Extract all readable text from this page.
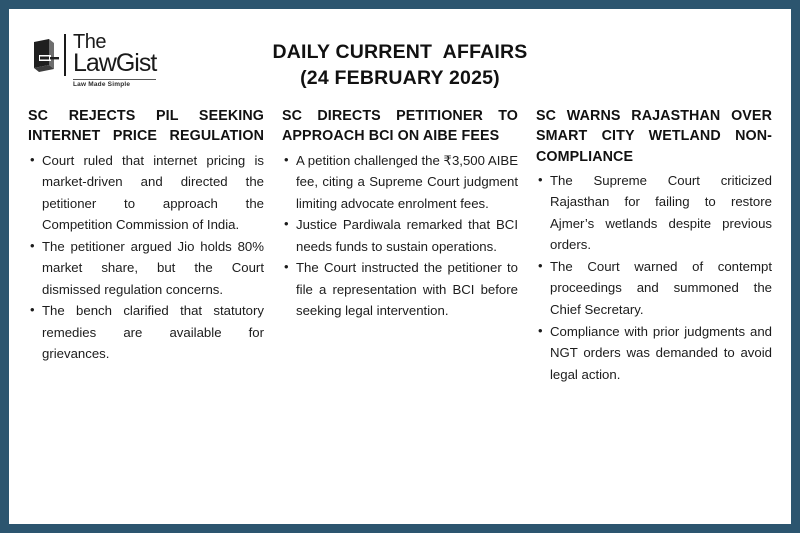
The
LawGist
Law Made Simple
DAILY CURRENT  AFFAIRS
(24 FEBRUARY 2025)
SC REJECTS PIL SEEKING INTERNET PRICE REGULATION
• Court ruled that internet pricing is market-driven and directed the petitioner to approach the Competition Commission of India.
• The petitioner argued Jio holds 80% market share, but the Court dismissed regulation concerns.
• The bench clarified that statutory remedies are available for grievances.
SC DIRECTS PETITIONER TO APPROACH BCI ON AIBE FEES
• A petition challenged the ₹3,500 AIBE fee, citing a Supreme Court judgment limiting advocate enrolment fees.
• Justice Pardiwala remarked that BCI needs funds to sustain operations.
• The Court instructed the petitioner to file a representation with BCI before seeking legal intervention.
SC WARNS RAJASTHAN OVER SMART CITY WETLAND NON-COMPLIANCE
• The Supreme Court criticized Rajasthan for failing to restore Ajmer’s wetlands despite previous orders.
• The Court warned of contempt proceedings and summoned the Chief Secretary.
• Compliance with prior judgments and NGT orders was demanded to avoid legal action.
